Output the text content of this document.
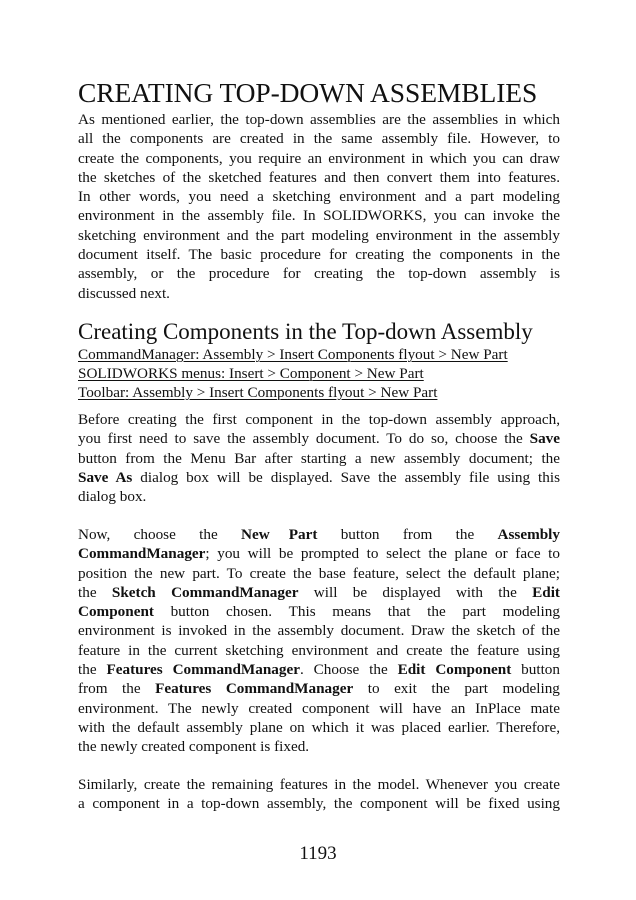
CREATING TOP-DOWN ASSEMBLIES
As mentioned earlier, the top-down assemblies are the assemblies in which
all the components are created in the same assembly file. However, to
create the components, you require an environment in which you can draw
the sketches of the sketched features and then convert them into features.
In other words, you need a sketching environment and a part modeling
environment in the assembly file. In SOLIDWORKS, you can invoke the
sketching environment and the part modeling environment in the assembly
document itself. The basic procedure for creating the components in the
assembly, or the procedure for creating the top-down assembly is
discussed next.
Creating Components in the Top-down Assembly
CommandManager: Assembly > Insert Components flyout > New Part
SOLIDWORKS menus: Insert > Component > New Part
Toolbar: Assembly > Insert Components flyout > New Part
Before creating the first component in the top-down assembly approach,
you first need to save the assembly document. To do so, choose the Save
button from the Menu Bar after starting a new assembly document; the
Save As dialog box will be displayed. Save the assembly file using this
dialog box.
Now, choose the New Part button from the Assembly
CommandManager; you will be prompted to select the plane or face to
position the new part. To create the base feature, select the default plane;
the Sketch CommandManager will be displayed with the Edit
Component button chosen. This means that the part modeling
environment is invoked in the assembly document. Draw the sketch of the
feature in the current sketching environment and create the feature using
the Features CommandManager. Choose the Edit Component button
from the Features CommandManager to exit the part modeling
environment. The newly created component will have an InPlace mate
with the default assembly plane on which it was placed earlier. Therefore,
the newly created component is fixed.
Similarly, create the remaining features in the model. Whenever you create
a component in a top-down assembly, the component will be fixed using
1193
